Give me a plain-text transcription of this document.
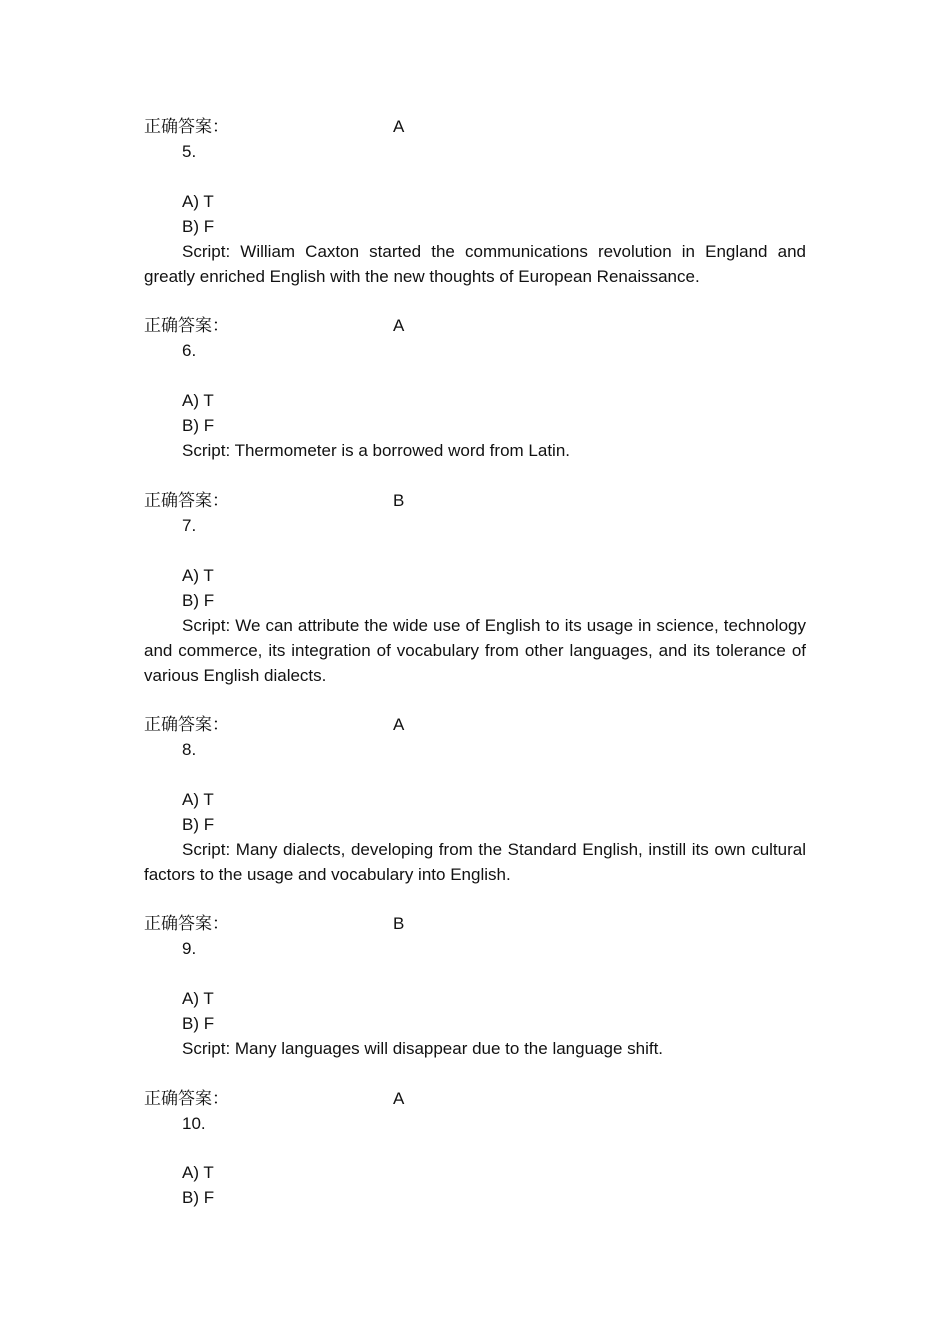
正确答案：	A
5.
A) T
B) F
Script: William Caxton started the communications revolution in England and greatly enriched English with the new thoughts of European Renaissance.
正确答案：	A
6.
A) T
B) F
Script: Thermometer is a borrowed word from Latin.
正确答案：	B
7.
A) T
B) F
Script: We can attribute the wide use of English to its usage in science, technology and commerce, its integration of vocabulary from other languages, and its tolerance of various English dialects.
正确答案：	A
8.
A) T
B) F
Script: Many dialects, developing from the Standard English, instill its own cultural factors to the usage and vocabulary into English.
正确答案：	B
9.
A) T
B) F
Script: Many languages will disappear due to the language shift.
正确答案：	A
10.
A) T
B) F
